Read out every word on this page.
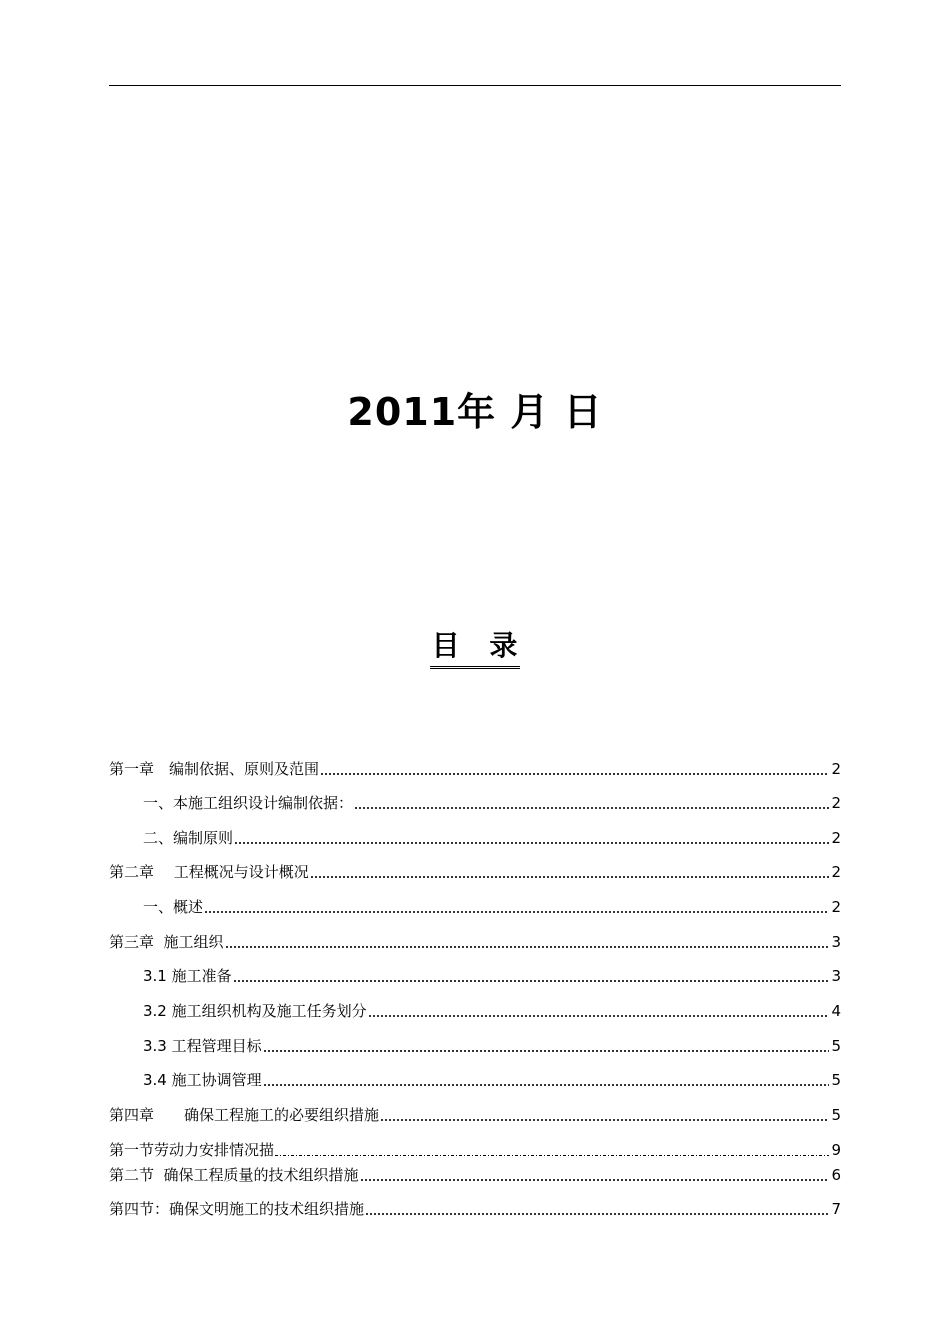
2011年 月 日
目 录
第一章　编制依据、原则及范围	2
一、本施工组织设计编制依据：	2
二、编制原则	2
第二章　 工程概况与设计概况	2
一、概述	2
第三章  施工组织	3
3.1 施工准备	3
3.2 施工组织机构及施工任务划分	4
3.3 工程管理目标	5
3.4 施工协调管理	5
第四章　　确保工程施工的必要组织措施	5
第一节劳动力安排情况描	9
第二节  确保工程质量的技术组织措施	6
第四节：确保文明施工的技术组织措施	7
